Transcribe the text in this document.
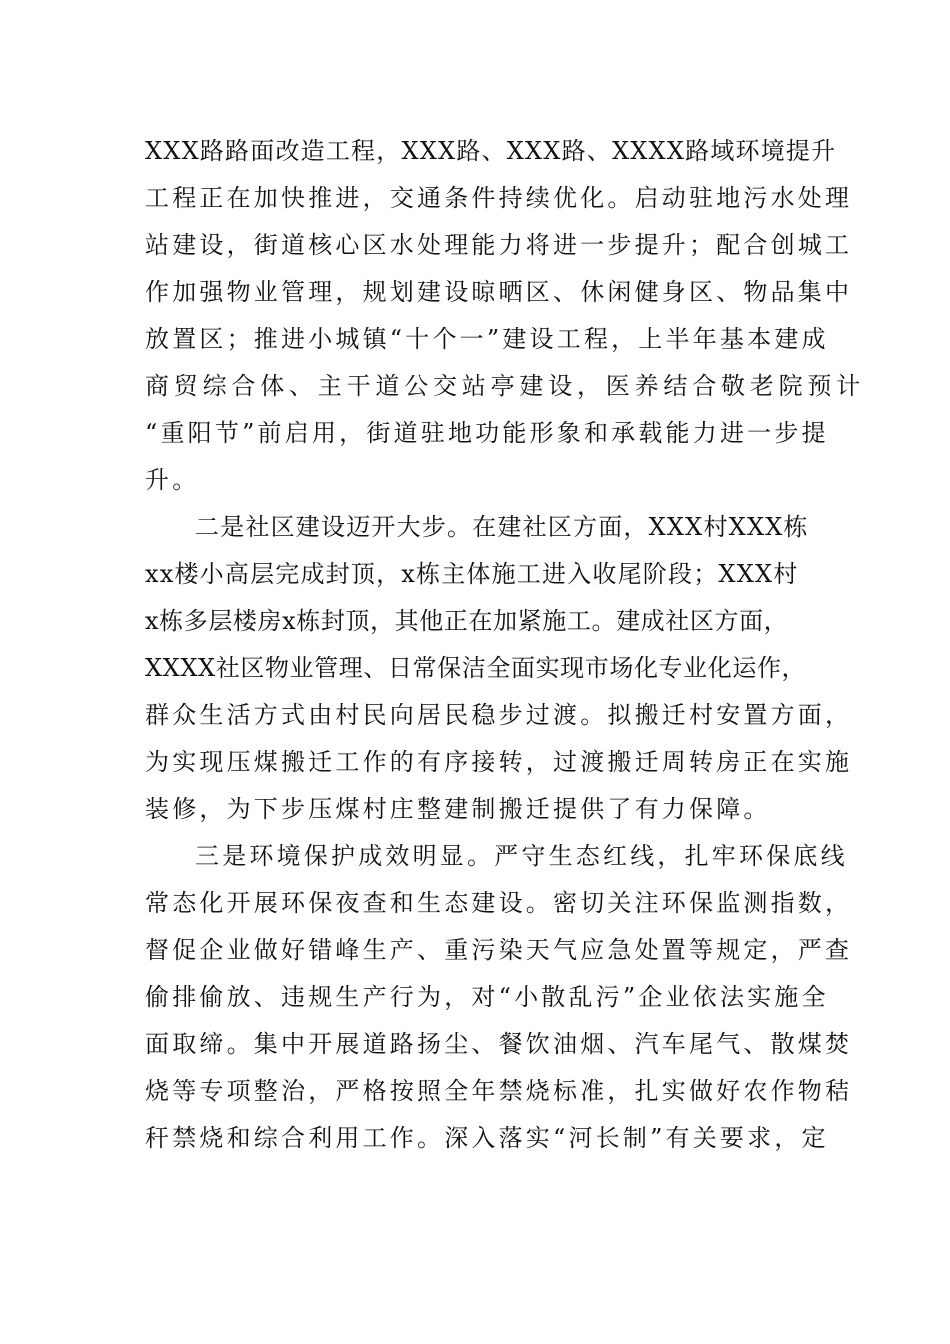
XXX路路面改造工程，XXX路、XXX路、XXXX路域环境提升
工程正在加快推进，交通条件持续优化。启动驻地污水处理
站建设，街道核心区水处理能力将进一步提升；配合创城工
作加强物业管理，规划建设晾晒区、休闲健身区、物品集中
放置区；推进小城镇“十个一”建设工程，上半年基本建成
商贸综合体、主干道公交站亭建设，医养结合敬老院预计
“重阳节”前启用，街道驻地功能形象和承载能力进一步提
升。
二是社区建设迈开大步。在建社区方面，XXX村XXX栋
xx楼小高层完成封顶，x栋主体施工进入收尾阶段；XXX村
x栋多层楼房x栋封顶，其他正在加紧施工。建成社区方面，
XXXX社区物业管理、日常保洁全面实现市场化专业化运作，
群众生活方式由村民向居民稳步过渡。拟搬迁村安置方面，
为实现压煤搬迁工作的有序接转，过渡搬迁周转房正在实施
装修，为下步压煤村庄整建制搬迁提供了有力保障。
三是环境保护成效明显。严守生态红线，扎牢环保底线
常态化开展环保夜查和生态建设。密切关注环保监测指数，
督促企业做好错峰生产、重污染天气应急处置等规定，严查
偷排偷放、违规生产行为，对“小散乱污”企业依法实施全
面取缔。集中开展道路扬尘、餐饮油烟、汽车尾气、散煤焚
烧等专项整治，严格按照全年禁烧标准，扎实做好农作物秸
秆禁烧和综合利用工作。深入落实“河长制”有关要求，定
